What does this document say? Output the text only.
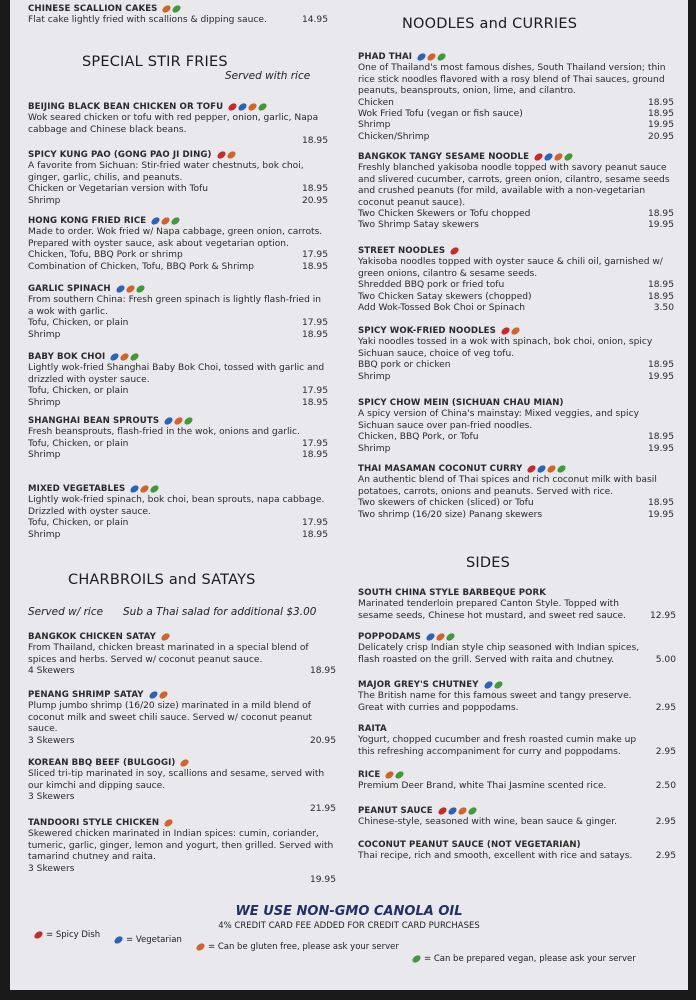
CHINESE SCALLION CAKES
Flat cake lightly fried with scallions & dipping sauce.	14.95
SPECIAL STIR FRIES
Served with rice
BEIJING BLACK BEAN CHICKEN OR TOFU
Wok seared chicken or tofu with red pepper, onion, garlic, Napa cabbage and Chinese black beans.
18.95
SPICY KUNG PAO (GONG PAO JI DING)
A favorite from Sichuan: Stir-fried water chestnuts, bok choi, ginger, garlic, chilis, and peanuts.
Chicken or Vegetarian version with Tofu	18.95
Shrimp	20.95
HONG KONG FRIED RICE
Made to order. Wok fried w/ Napa cabbage, green onion, carrots. Prepared with oyster sauce, ask about vegetarian option.
Chicken, Tofu, BBQ Pork or shrimp	17.95
Combination of Chicken, Tofu, BBQ Pork & Shrimp	18.95
GARLIC SPINACH
From southern China: Fresh green spinach is lightly flash-fried in a wok with garlic.
Tofu, Chicken, or plain	17.95
Shrimp	18.95
BABY BOK CHOI
Lightly wok-fried Shanghai Baby Bok Choi, tossed with garlic and drizzled with oyster sauce.
Tofu, Chicken, or plain	17.95
Shrimp	18.95
SHANGHAI BEAN SPROUTS
Fresh beansprouts, flash-fried in the wok, onions and garlic.
Tofu, Chicken, or plain	17.95
Shrimp	18.95
MIXED VEGETABLES
Lightly wok-fried spinach, bok choi, bean sprouts, napa cabbage. Drizzled with oyster sauce.
Tofu, Chicken, or plain	17.95
Shrimp	18.95
CHARBROILS and SATAYS
Served w/ rice Sub a Thai salad for additional $3.00
BANGKOK CHICKEN SATAY
From Thailand, chicken breast marinated in a special blend of spices and herbs. Served w/ coconut peanut sauce.
4 Skewers	18.95
PENANG SHRIMP SATAY
Plump jumbo shrimp (16/20 size) marinated in a mild blend of coconut milk and sweet chili sauce. Served w/ coconut peanut sauce.
3 Skewers	20.95
KOREAN BBQ BEEF (BULGOGI)
Sliced tri-tip marinated in soy, scallions and sesame, served with our kimchi and dipping sauce.
3 Skewers
21.95
TANDOORI STYLE CHICKEN
Skewered chicken marinated in Indian spices: cumin, coriander, tumeric, garlic, ginger, lemon and yogurt, then grilled. Served with tamarind chutney and raita.
3 Skewers
19.95
NOODLES and CURRIES
PHAD THAI
One of Thailand's most famous dishes, South Thailand version; thin rice stick noodles flavored with a rosy blend of Thai sauces, ground peanuts, beansprouts, onion, lime, and cilantro.
Chicken	18.95
Wok Fried Tofu (vegan or fish sauce)	18.95
Shrimp	19.95
Chicken/Shrimp	20.95
BANGKOK TANGY SESAME NOODLE
Freshly blanched yakisoba noodle topped with savory peanut sauce and slivered cucumber, carrots, green onion, cilantro, sesame seeds and crushed peanuts (for mild, available with a non-vegetarian coconut peanut sauce).
Two Chicken Skewers or Tofu chopped	18.95
Two Shrimp Satay skewers	19.95
STREET NOODLES
Yakisoba noodles topped with oyster sauce & chili oil, garnished w/ green onions, cilantro & sesame seeds.
Shredded BBQ pork or fried tofu	18.95
Two Chicken Satay skewers (chopped)	18.95
Add Wok-Tossed Bok Choi or Spinach	3.50
SPICY WOK-FRIED NOODLES
Yaki noodles tossed in a wok with spinach, bok choi, onion, spicy Sichuan sauce, choice of veg tofu.
BBQ pork or chicken	18.95
Shrimp	19.95
SPICY CHOW MEIN (SICHUAN CHAU MIAN)
A spicy version of China's mainstay: Mixed veggies, and spicy Sichuan sauce over pan-fried noodles.
Chicken, BBQ Pork, or Tofu	18.95
Shrimp	19.95
THAI MASAMAN COCONUT CURRY
An authentic blend of Thai spices and rich coconut milk with basil potatoes, carrots, onions and peanuts. Served with rice.
Two skewers of chicken (sliced) or Tofu	18.95
Two shrimp (16/20 size) Panang skewers	19.95
SIDES
SOUTH CHINA STYLE BARBEQUE PORK
Marinated tenderloin prepared Canton Style. Topped with sesame seeds, Chinese hot mustard, and sweet red sauce.	12.95
POPPODAMS
Delicately crisp Indian style chip seasoned with Indian spices, flash roasted on the grill. Served with raita and chutney.	5.00
MAJOR GREY'S CHUTNEY
The British name for this famous sweet and tangy preserve. Great with curries and poppodams.	2.95
RAITA
Yogurt, chopped cucumber and fresh roasted cumin make up this refreshing accompaniment for curry and poppodams.	2.95
RICE
Premium Deer Brand, white Thai Jasmine scented rice.	2.50
PEANUT SAUCE
Chinese-style, seasoned with wine, bean sauce & ginger.	2.95
COCONUT PEANUT SAUCE (NOT VEGETARIAN)
Thai recipe, rich and smooth, excellent with rice and satays.	2.95
WE USE NON-GMO CANOLA OIL
4% CREDIT CARD FEE ADDED FOR CREDIT CARD PURCHASES
= Spicy Dish	= Vegetarian
= Can be gluten free, please ask your server
= Can be prepared vegan, please ask your server
